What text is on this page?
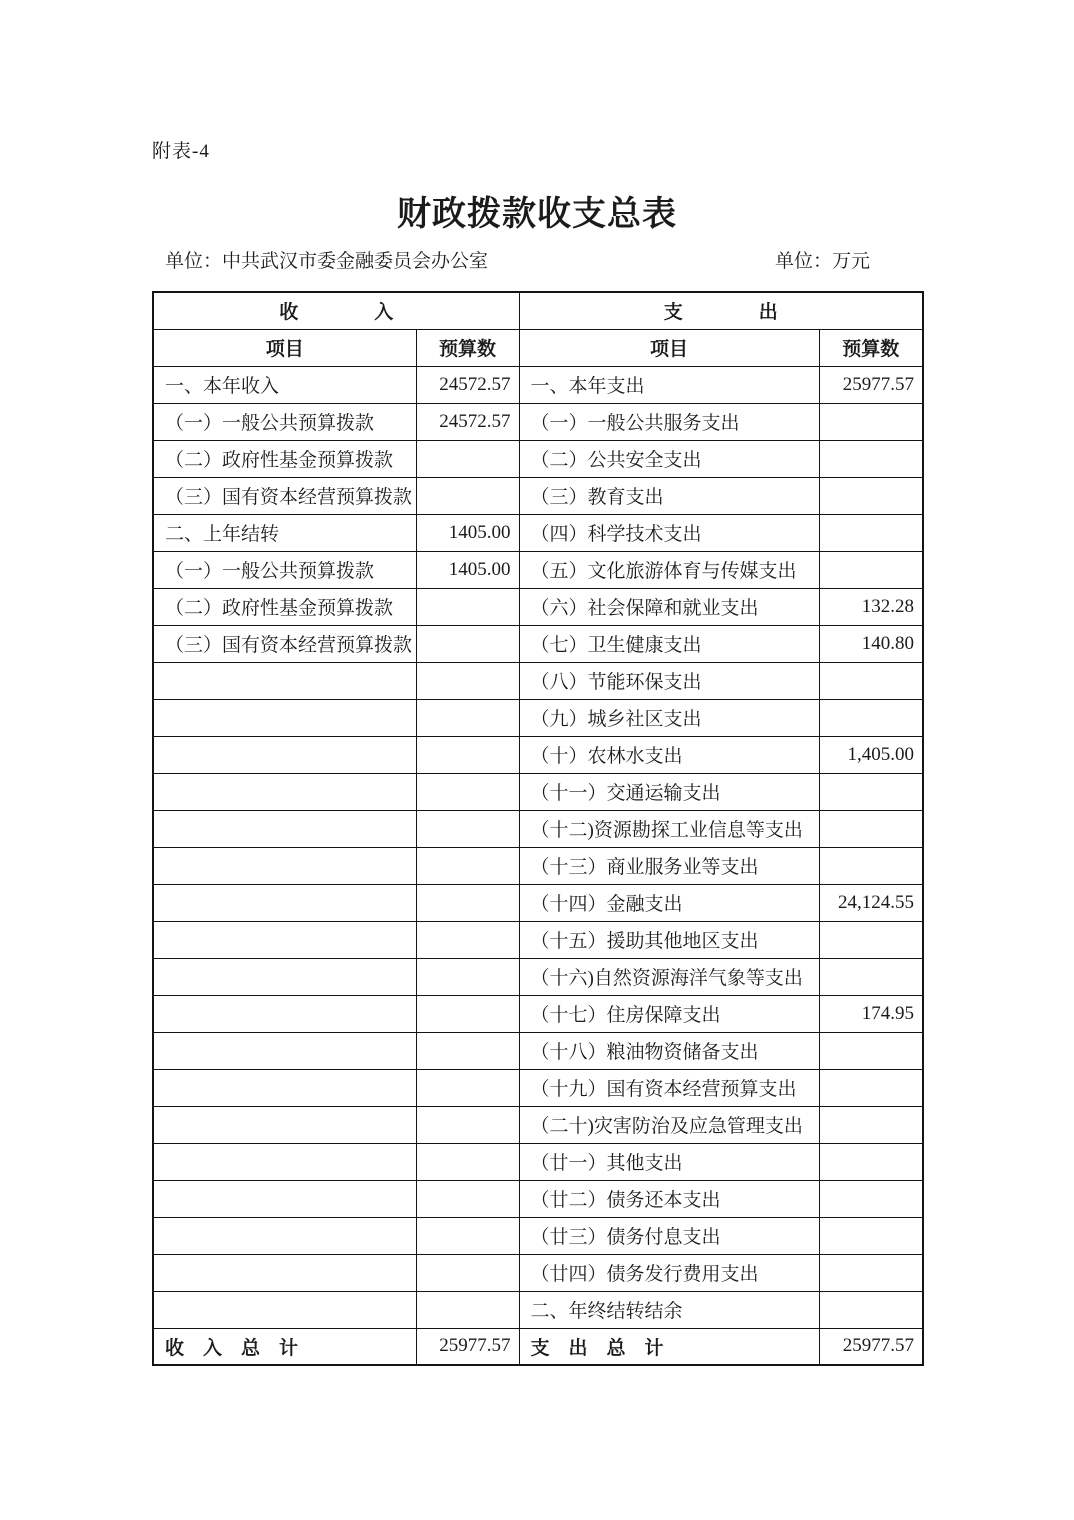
附表-4
财政拨款收支总表
单位：中共武汉市委金融委员会办公室	单位：万元
收　　　　入		支　　　　出	
项目	预算数	项目	预算数
一、本年收入	24572.57	一、本年支出	25977.57
（一）一般公共预算拨款	24572.57	（一）一般公共服务支出	
（二）政府性基金预算拨款		（二）公共安全支出	
（三）国有资本经营预算拨款		（三）教育支出	
二、上年结转	1405.00	（四）科学技术支出	
（一）一般公共预算拨款	1405.00	（五）文化旅游体育与传媒支出	
（二）政府性基金预算拨款		（六）社会保障和就业支出	132.28
（三）国有资本经营预算拨款		（七）卫生健康支出	140.80
		（八）节能环保支出	
		（九）城乡社区支出	
		（十）农林水支出	1,405.00
		（十一）交通运输支出	
		（十二)资源勘探工业信息等支出	
		（十三）商业服务业等支出	
		（十四）金融支出	24,124.55
		（十五）援助其他地区支出	
		（十六)自然资源海洋气象等支出	
		（十七）住房保障支出	174.95
		（十八）粮油物资储备支出	
		（十九）国有资本经营预算支出	
		（二十)灾害防治及应急管理支出	
		（廿一）其他支出	
		（廿二）债务还本支出	
		（廿三）债务付息支出	
		（廿四）债务发行费用支出	
		二、年终结转结余	
收　入　总　计	25977.57	支　出　总　计	25977.57
